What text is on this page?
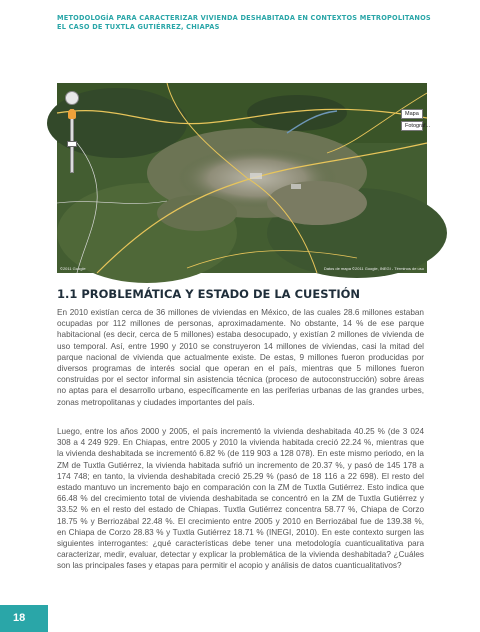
METODOLOGÍA PARA CARACTERIZAR VIVIENDA DESHABITADA EN CONTEXTOS METROPOLITANOS
EL CASO DE TUXTLA GUTIÉRREZ, CHIAPAS
Mapa
Fotograf...
©2011 Google	Datos de mapa ©2011 Google, INEGI - Términos de uso
1.1 PROBLEMÁTICA Y ESTADO DE LA CUESTIÓN

En 2010 existían cerca de 36 millones de viviendas en México, de las cuales 28.6 millones estaban ocupadas por 112 millones de personas, aproximadamente. No obstante, 14 % de ese parque habitacional (es decir, cerca de 5 millones) estaba desocupado, y existían 2 millones de vivienda de uso temporal. Así, entre 1990 y 2010 se construyeron 14 millones de viviendas, casi la mitad del parque nacional de vivienda que actualmente existe. De estas, 9 millones fueron producidas por diversos programas de interés social que operan en el país, mientras que 5 millones fueron construidas por el sector informal sin asistencia técnica (proceso de autoconstrucción) sobre áreas no aptas para el desarrollo urbano, específicamente en las periferias urbanas de las grandes urbes, zonas metropolitanas y ciudades importantes del país.

Luego, entre los años 2000 y 2005, el país incrementó la vivienda deshabitada 40.25 % (de 3 024 308 a 4 249 929. En Chiapas, entre 2005 y 2010 la vivienda habitada creció 22.24 %, mientras que la vivienda deshabitada se incrementó 6.82 % (de 119 903 a 128 078). En este mismo periodo, en la ZM de Tuxtla Gutiérrez, la vivienda habitada sufrió un incremento de 20.37 %, y pasó de 145 178 a 174 748; en tanto, la vivienda deshabitada creció 25.29 % (pasó de 18 116 a 22 698). El resto del estado mantuvo un incremento bajo en comparación con la ZM de Tuxtla Gutiérrez. Esto indica que 66.48 % del crecimiento total de vivienda deshabitada se concentró en la ZM de Tuxtla Gutiérrez y 33.52 % en el resto del estado de Chiapas. Tuxtla Gutiérrez concentra 58.77 %, Chiapa de Corzo 18.75 % y Berriozábal 22.48 %. El crecimiento entre 2005 y 2010 en Berriozábal fue de 139.38 %, en Chiapa de Corzo 28.83 % y Tuxtla Gutiérrez 18.71 % (INEGI, 2010). En este contexto surgen las siguientes interrogantes: ¿qué características debe tener una metodología cuanticualitativa para caracterizar, medir, evaluar, detectar y explicar la problemática de la vivienda deshabitada? ¿Cuáles son las principales fases y etapas para permitir el acopio y análisis de datos cuanticualitativos?

18
